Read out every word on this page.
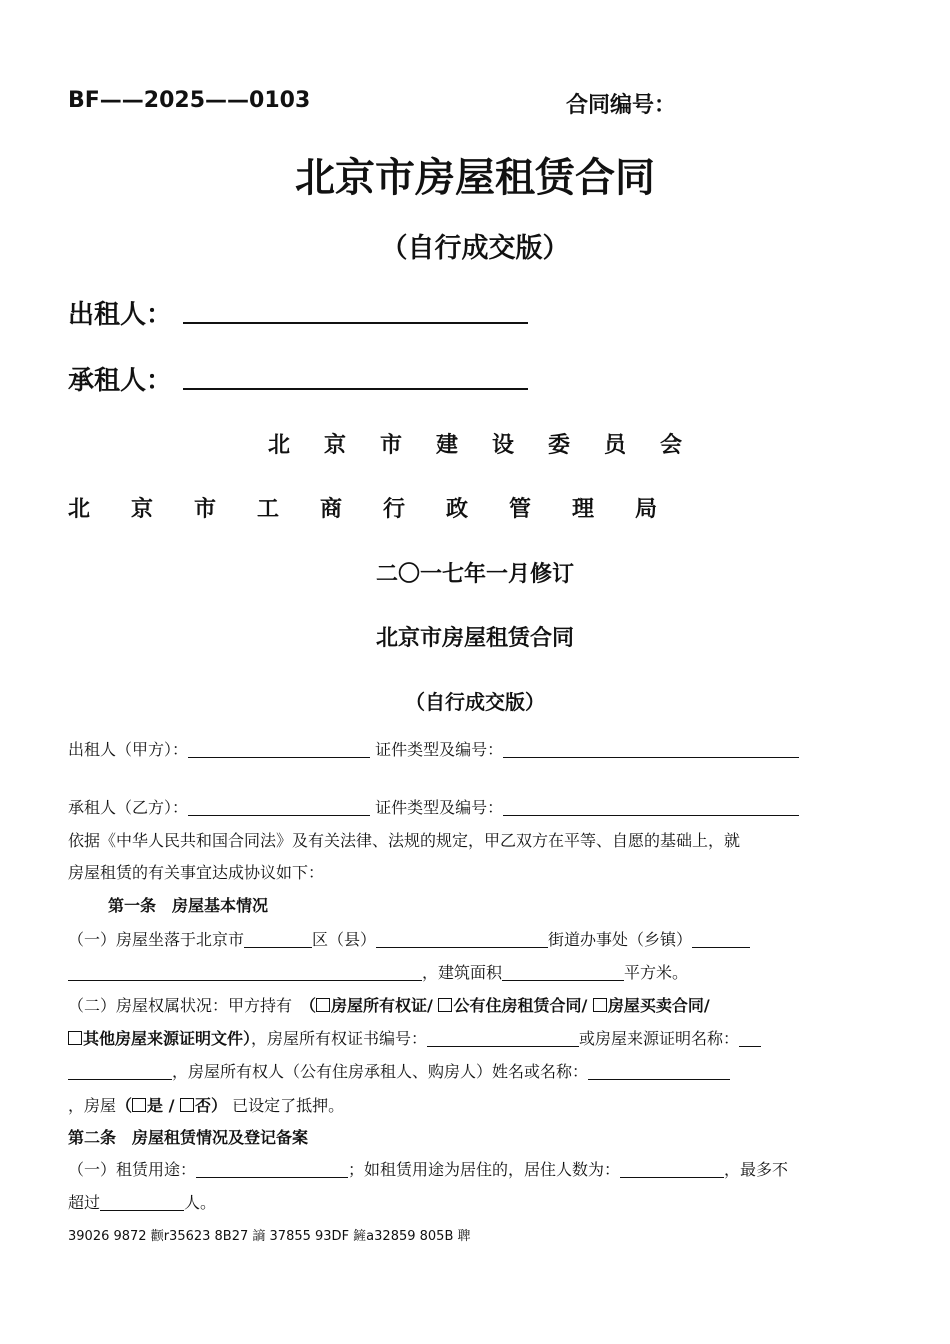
BF——2025——0103	合同编号：
北京市房屋租赁合同
（自行成交版）
出租人：
承租人：
北京市建设委员会
北京市工商行政管理局
二〇一七年一月修订
北京市房屋租赁合同
（自行成交版）
出租人（甲方）：	证件类型及编号：
承租人（乙方）：	证件类型及编号：
依据《中华人民共和国合同法》及有关法律、法规的规定，甲乙双方在平等、自愿的基础上，就
房屋租赁的有关事宜达成协议如下：
第一条　房屋基本情况
（一）房屋坐落于北京市	区（县）	街道办事处（乡镇）
，建筑面积	平方米。
（二）房屋权属状况：甲方持有　（ 房屋所有权证/ 公有住房租赁合同/ 房屋买卖合同/
其他房屋来源证明文件），房屋所有权证书编号：	或房屋来源证明名称：
，房屋所有权人（公有住房承租人、购房人）姓名或名称：
，房屋（ 是 / 否） 已设定了抵押。
第二条　房屋租赁情况及登记备案
（一）租赁用途：	；如租赁用途为居住的，居住人数为：	，最多不
超过	人。
39026 9872 颧r35623 8B27 謪 37855 93DF 鏟a32859 805B 聛
